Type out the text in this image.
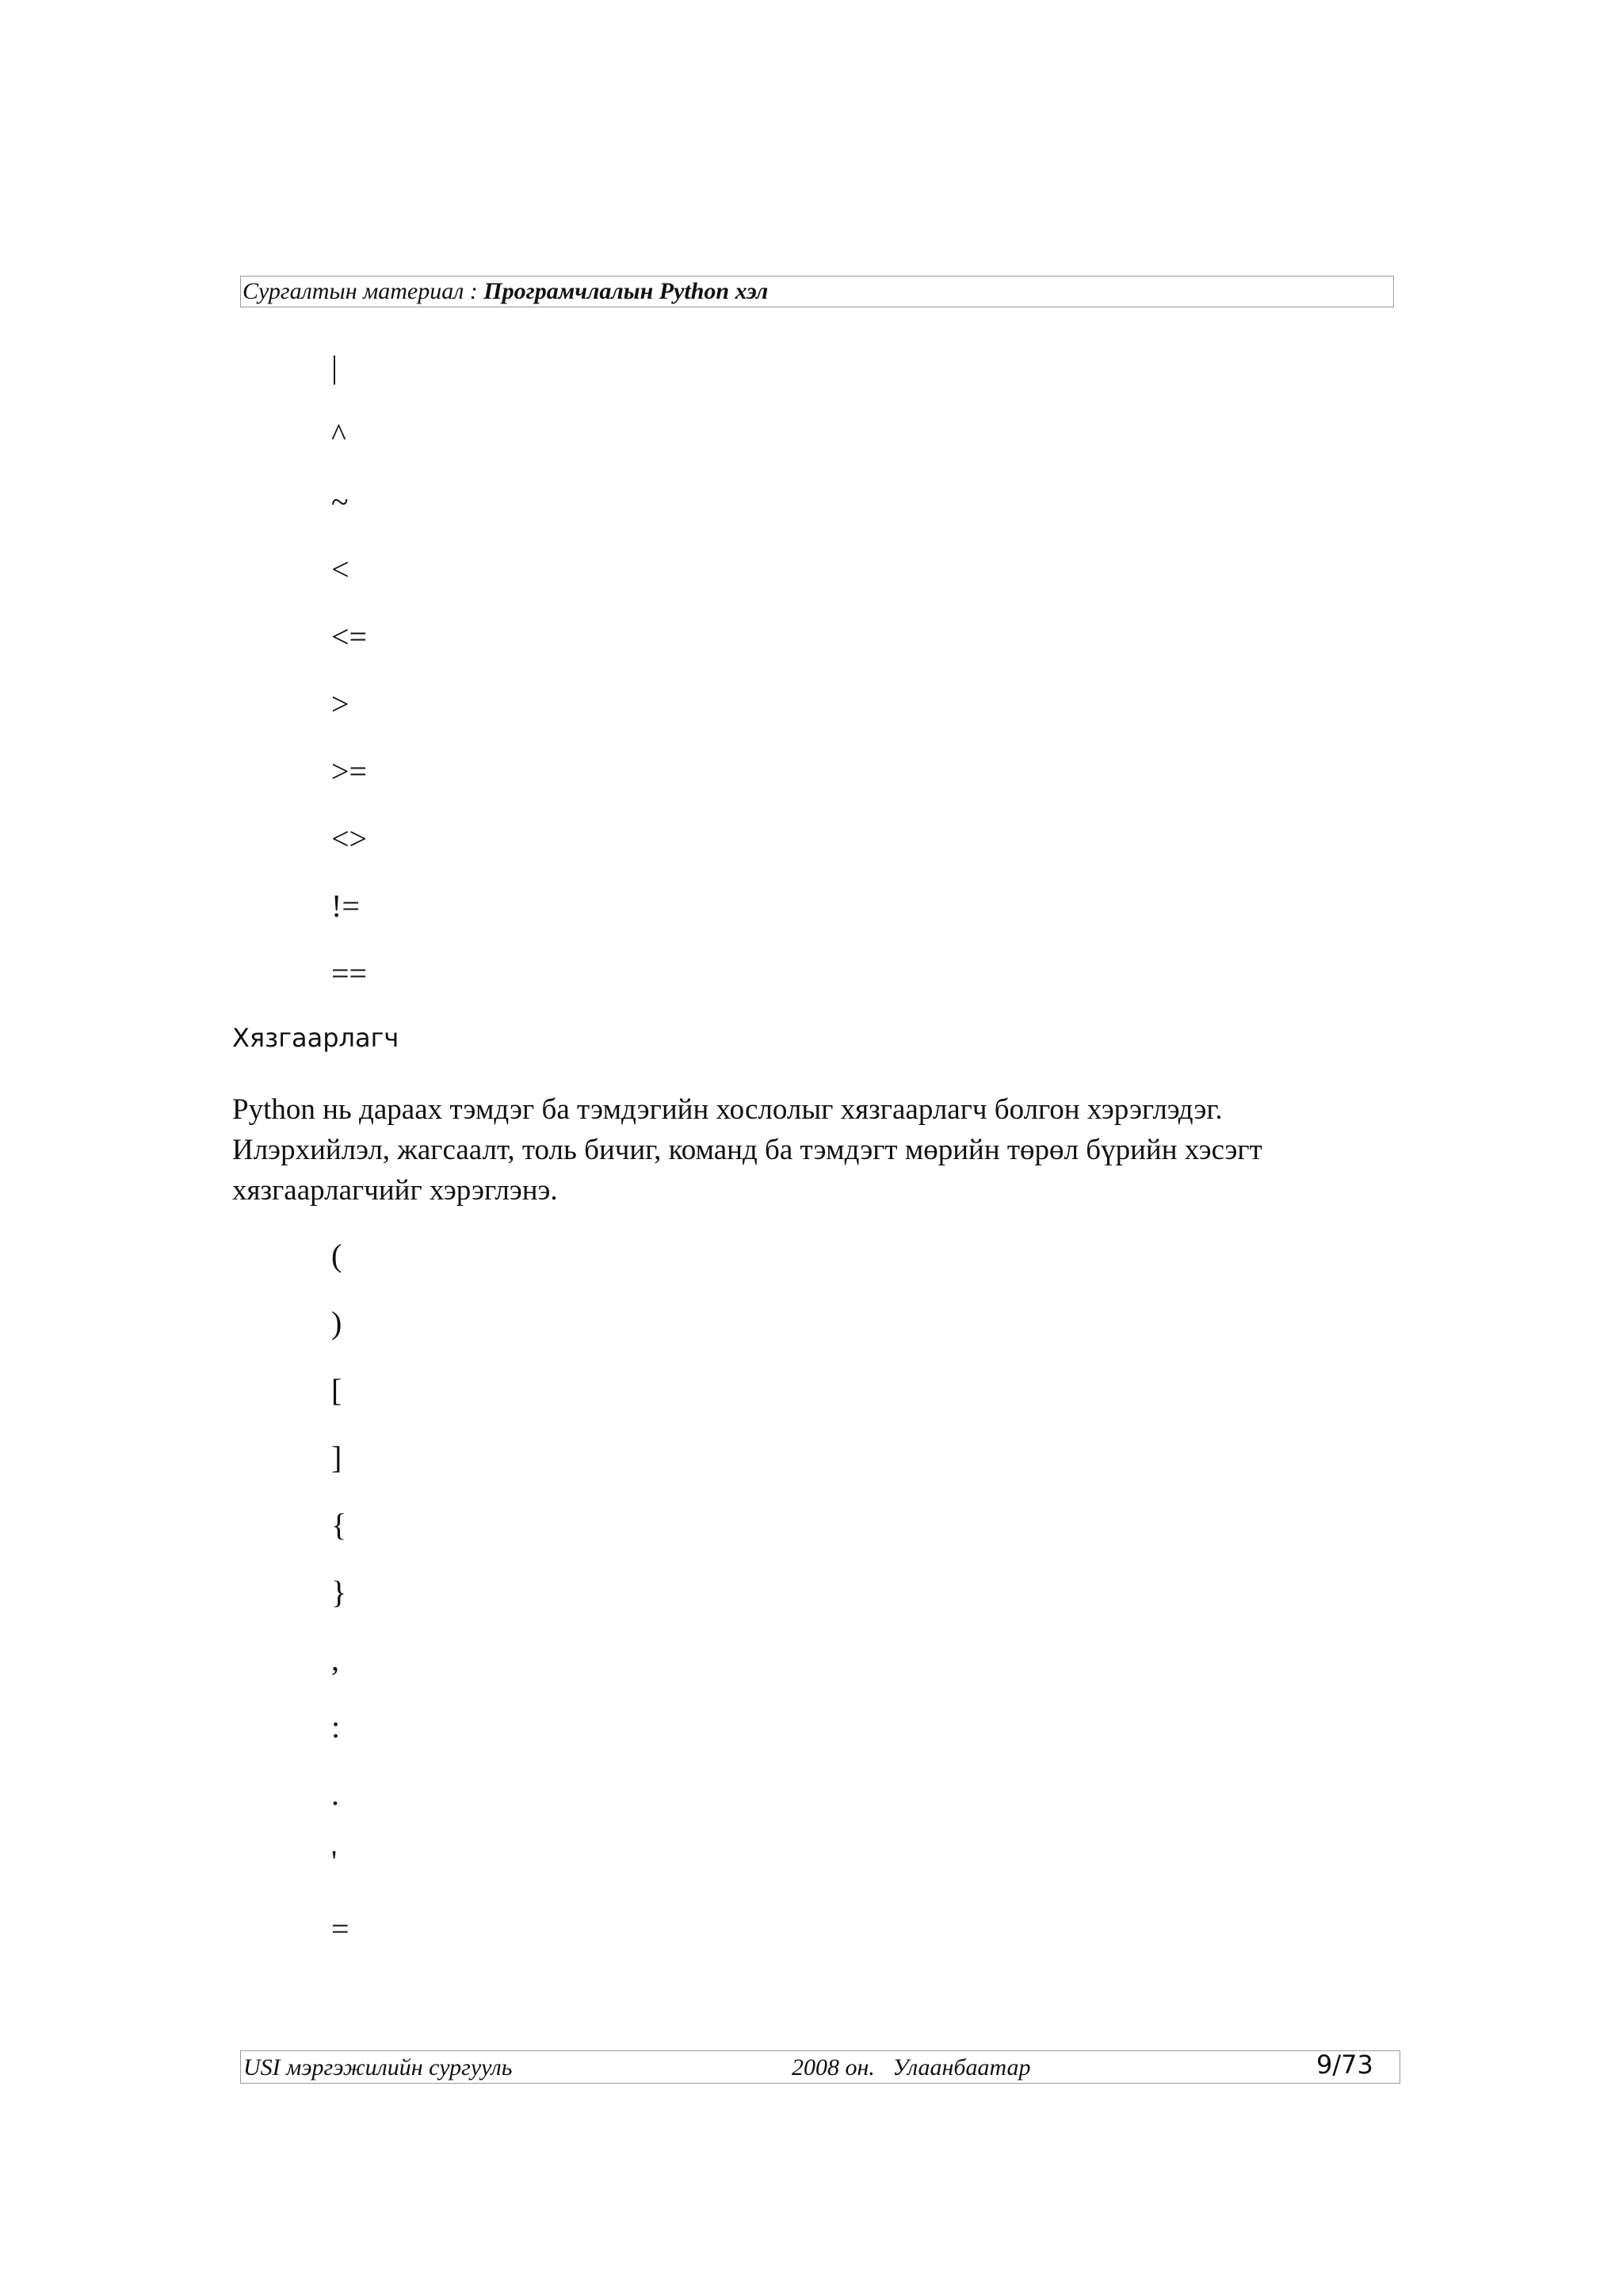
Сургалтын материал : Програмчлалын Python хэл
|
^
~
<
<=
>
>=
<>
!=
==
Хязгаарлагч

Python нь дараах тэмдэг ба тэмдэгийн хослолыг хязгаарлагч болгон хэрэглэдэг. Илэрхийлэл, жагсаалт, толь бичиг, команд ба тэмдэгт мөрийн төрөл бүрийн хэсэгт хязгаарлагчийг хэрэглэнэ.

(
)
[
]
{
}
,
:
.
'
=
USI мэргэжилийн сургууль	2008 он.   Улаанбаатар	9/73
